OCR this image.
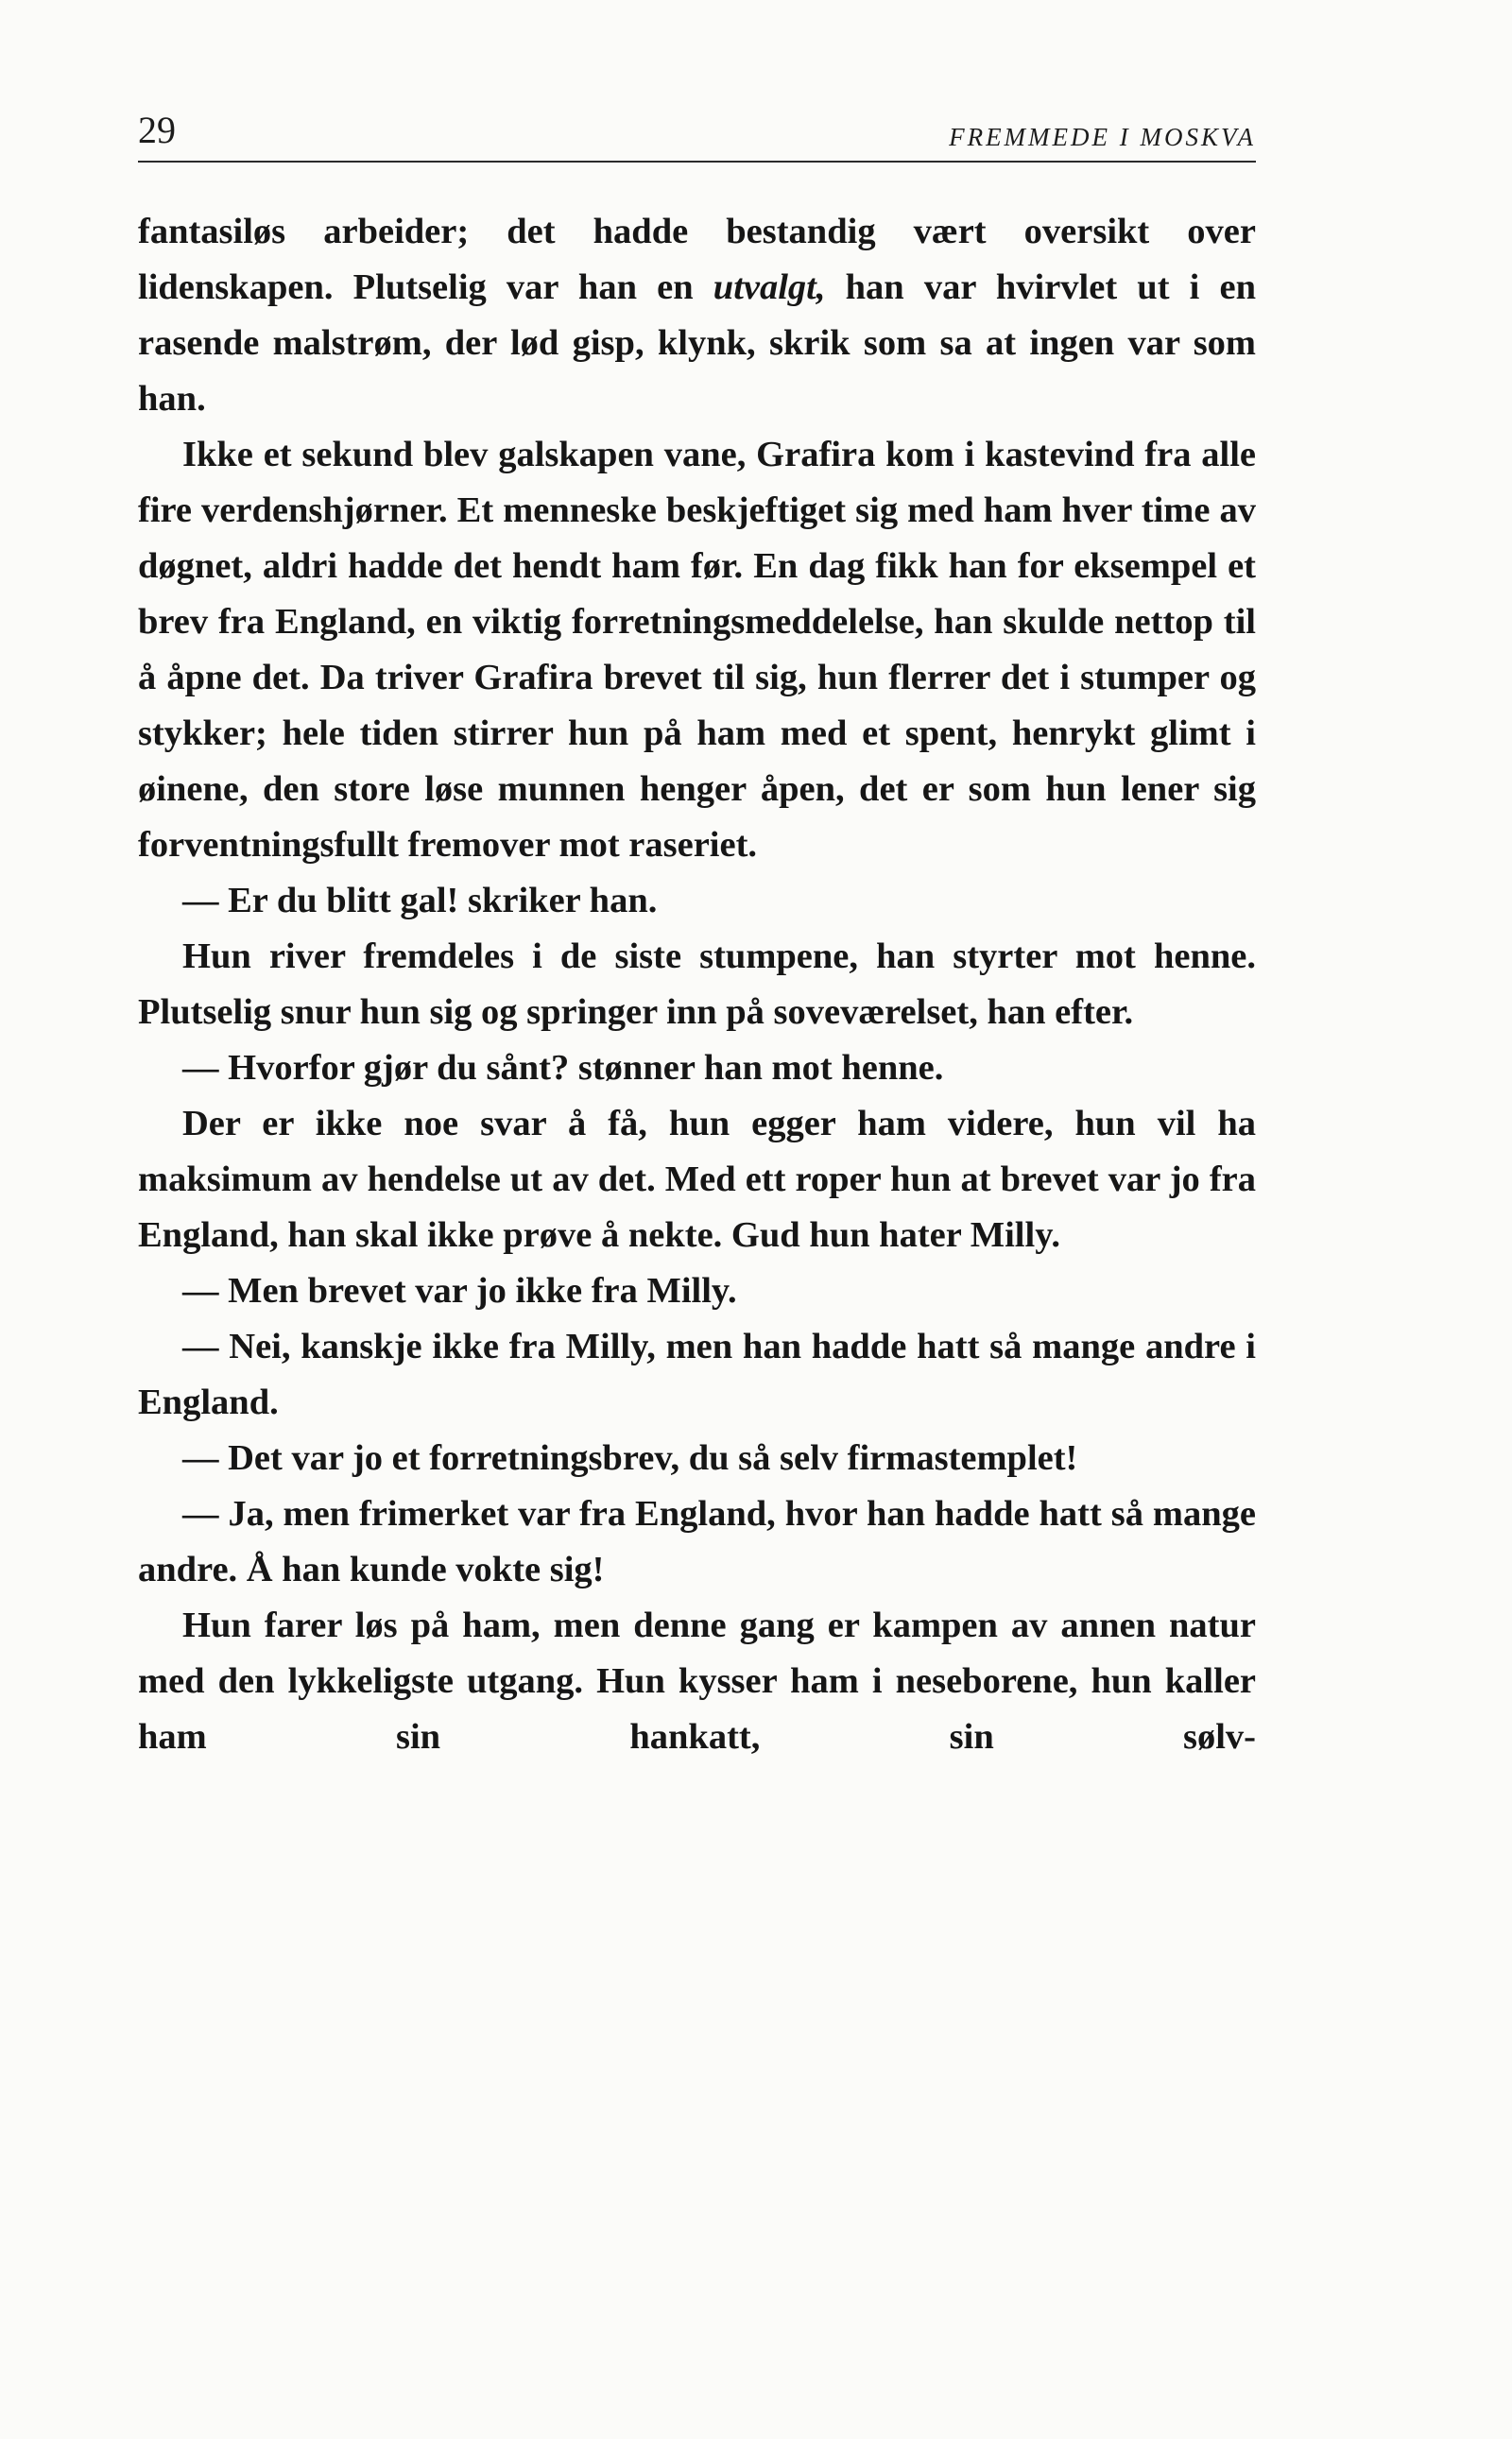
29	FREMMEDE I MOSKVA

fantasiløs arbeider; det hadde bestandig vært oversikt over lidenskapen. Plutselig var han en utvalgt, han var hvirvlet ut i en rasende malstrøm, der lød gisp, klynk, skrik som sa at ingen var som han.

Ikke et sekund blev galskapen vane, Grafira kom i kastevind fra alle fire verdenshjørner. Et menneske beskjeftiget sig med ham hver time av døgnet, aldri hadde det hendt ham før. En dag fikk han for eksempel et brev fra England, en viktig forretningsmeddelelse, han skulde nettop til å åpne det. Da triver Grafira brevet til sig, hun flerrer det i stumper og stykker; hele tiden stirrer hun på ham med et spent, henrykt glimt i øinene, den store løse munnen henger åpen, det er som hun lener sig forventningsfullt fremover mot raseriet.

— Er du blitt gal! skriker han.

Hun river fremdeles i de siste stumpene, han styrter mot henne. Plutselig snur hun sig og springer inn på soveværelset, han efter.

— Hvorfor gjør du sånt? stønner han mot henne.

Der er ikke noe svar å få, hun egger ham videre, hun vil ha maksimum av hendelse ut av det. Med ett roper hun at brevet var jo fra England, han skal ikke prøve å nekte. Gud hun hater Milly.

— Men brevet var jo ikke fra Milly.

— Nei, kanskje ikke fra Milly, men han hadde hatt så mange andre i England.

— Det var jo et forretningsbrev, du så selv firmastemplet!

— Ja, men frimerket var fra England, hvor han hadde hatt så mange andre. Å han kunde vokte sig!

Hun farer løs på ham, men denne gang er kampen av annen natur med den lykkeligste utgang. Hun kysser ham i neseborene, hun kaller ham sin hankatt, sin sølv-
